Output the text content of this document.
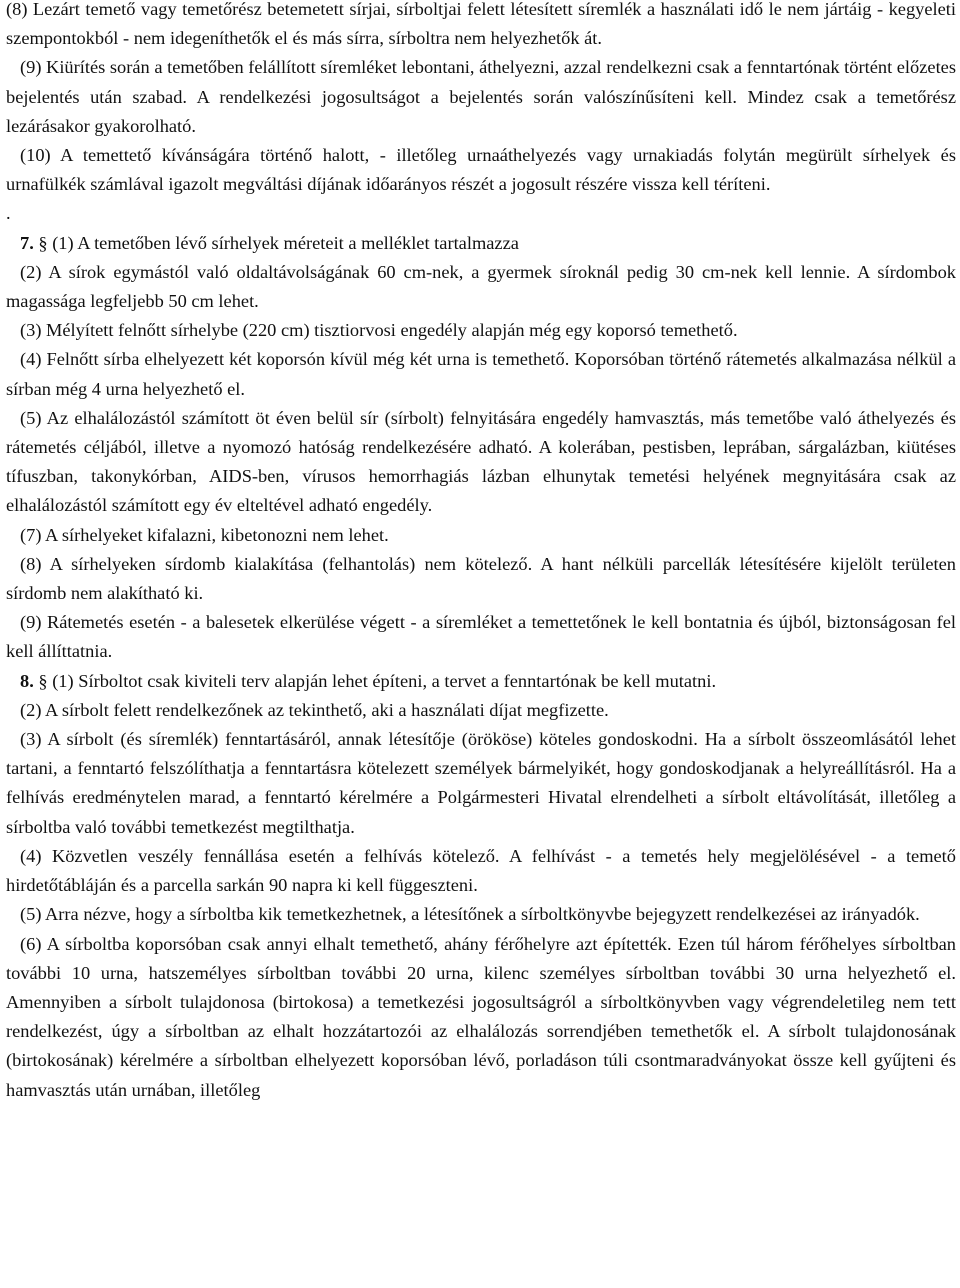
(8) Lezárt temető vagy temetőrész betemetett sírjai, sírboltjai felett létesített síremlék a használati idő le nem jártáig - kegyeleti szempontokból - nem idegeníthetők el és más sírra, sírboltra nem helyezhetők át.

(9) Kiürítés során a temetőben felállított síremléket lebontani, áthelyezni, azzal rendelkezni csak a fenntartónak történt előzetes bejelentés után szabad. A rendelkezési jogosultságot a bejelentés során valószínűsíteni kell. Mindez csak a temetőrész lezárásakor gyakorolható.

(10) A temettető kívánságára történő halott, - illetőleg urnaáthelyezés vagy urnakiadás folytán megürült sírhelyek és urnafülkék számlával igazolt megváltási díjának időarányos részét a jogosult részére vissza kell téríteni.

.

7. § (1) A temetőben lévő sírhelyek méreteit a melléklet tartalmazza

(2) A sírok egymástól való oldaltávolságának 60 cm-nek, a gyermek síroknál pedig 30 cm-nek kell lennie. A sírdombok magassága legfeljebb 50 cm lehet.

(3) Mélyített felnőtt sírhelybe (220 cm) tisztiorvosi engedély alapján még egy koporsó temethető.

(4) Felnőtt sírba elhelyezett két koporsón kívül még két urna is temethető. Koporsóban történő rátemetés alkalmazása nélkül a sírban még 4 urna helyezhető el.

(5) Az elhalálozástól számított öt éven belül sír (sírbolt) felnyitására engedély hamvasztás, más temetőbe való áthelyezés és rátemetés céljából, illetve a nyomozó hatóság rendelkezésére adható. A kolerában, pestisben, leprában, sárgalázban, kiütéses tífuszban, takonykórban, AIDS-ben, vírusos hemorrhagiás lázban elhunytak temetési helyének megnyitására csak az elhalálozástól számított egy év elteltével adható engedély.

(7) A sírhelyeket kifalazni, kibetonozni nem lehet.

(8) A sírhelyeken sírdomb kialakítása (felhantolás) nem kötelező. A hant nélküli parcellák létesítésére kijelölt területen sírdomb nem alakítható ki.

(9) Rátemetés esetén - a balesetek elkerülése végett - a síremléket a temettetőnek le kell bontatnia és újból, biztonságosan fel kell állíttatnia.

8. § (1) Sírboltot csak kiviteli terv alapján lehet építeni, a tervet a fenntartónak be kell mutatni.

(2) A sírbolt felett rendelkezőnek az tekinthető, aki a használati díjat megfizette.

(3) A sírbolt (és síremlék) fenntartásáról, annak létesítője (örököse) köteles gondoskodni. Ha a sírbolt összeomlásától lehet tartani, a fenntartó felszólíthatja a fenntartásra kötelezett személyek bármelyikét, hogy gondoskodjanak a helyreállításról. Ha a felhívás eredménytelen marad, a fenntartó kérelmére a Polgármesteri Hivatal elrendelheti a sírbolt eltávolítását, illetőleg a sírboltba való további temetkezést megtilthatja.

(4) Közvetlen veszély fennállása esetén a felhívás kötelező. A felhívást - a temetés hely megjelölésével - a temető hirdetőtábláján és a parcella sarkán 90 napra ki kell függeszteni.

(5) Arra nézve, hogy a sírboltba kik temetkezhetnek, a létesítőnek a sírboltkönyvbe bejegyzett rendelkezései az irányadók.

(6) A sírboltba koporsóban csak annyi elhalt temethető, ahány férőhelyre azt építették. Ezen túl három férőhelyes sírboltban további 10 urna, hatszemélyes sírboltban további 20 urna, kilenc személyes sírboltban további 30 urna helyezhető el. Amennyiben a sírbolt tulajdonosa (birtokosa) a temetkezési jogosultságról a sírboltkönyvben vagy végrendeletileg nem tett rendelkezést, úgy a sírboltban az elhalt hozzátartozói az elhalálozás sorrendjében temethetők el. A sírbolt tulajdonosának (birtokosának) kérelmére a sírboltban elhelyezett koporsóban lévő, porladáson túli csontmaradványokat össze kell gyűjteni és hamvasztás után urnában, illetőleg
